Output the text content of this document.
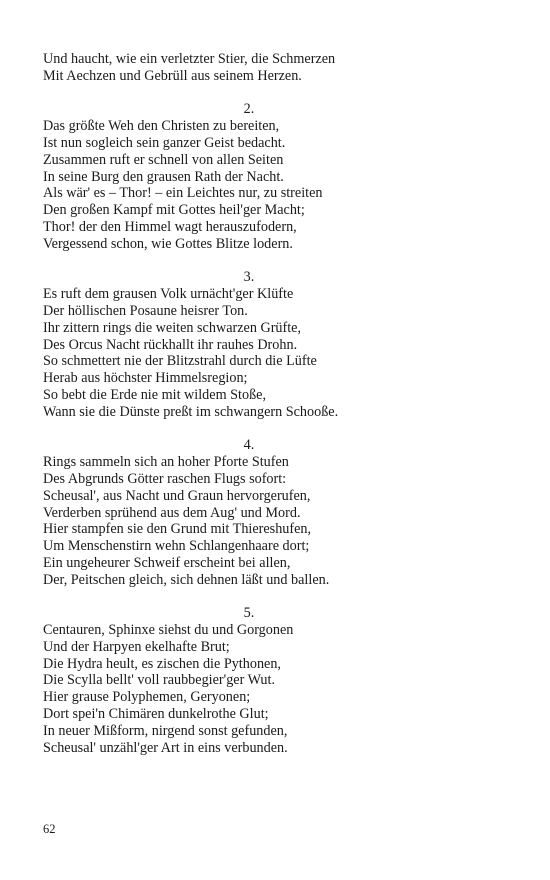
Und haucht, wie ein verletzter Stier, die Schmerzen
Mit Aechzen und Gebrüll aus seinem Herzen.
2.
Das größte Weh den Christen zu bereiten,
Ist nun sogleich sein ganzer Geist bedacht.
Zusammen ruft er schnell von allen Seiten
In seine Burg den grausen Rath der Nacht.
Als wär' es – Thor! – ein Leichtes nur, zu streiten
Den großen Kampf mit Gottes heil'ger Macht;
Thor! der den Himmel wagt herauszufodern,
Vergessend schon, wie Gottes Blitze lodern.
3.
Es ruft dem grausen Volk urnächt'ger Klüfte
Der höllischen Posaune heisrer Ton.
Ihr zittern rings die weiten schwarzen Grüfte,
Des Orcus Nacht rückhallt ihr rauhes Drohn.
So schmettert nie der Blitzstrahl durch die Lüfte
Herab aus höchster Himmelsregion;
So bebt die Erde nie mit wildem Stoße,
Wann sie die Dünste preßt im schwangern Schooße.
4.
Rings sammeln sich an hoher Pforte Stufen
Des Abgrunds Götter raschen Flugs sofort:
Scheusal', aus Nacht und Graun hervorgerufen,
Verderben sprühend aus dem Aug' und Mord.
Hier stampfen sie den Grund mit Thiereshufen,
Um Menschenstirn wehn Schlangenhaare dort;
Ein ungeheurer Schweif erscheint bei allen,
Der, Peitschen gleich, sich dehnen läßt und ballen.
5.
Centauren, Sphinxe siehst du und Gorgonen
Und der Harpyen ekelhafte Brut;
Die Hydra heult, es zischen die Pythonen,
Die Scylla bellt' voll raubbegier'ger Wut.
Hier grause Polyphemen, Geryonen;
Dort spei'n Chimären dunkelrothe Glut;
In neuer Mißform, nirgend sonst gefunden,
Scheusal' unzähl'ger Art in eins verbunden.
62
